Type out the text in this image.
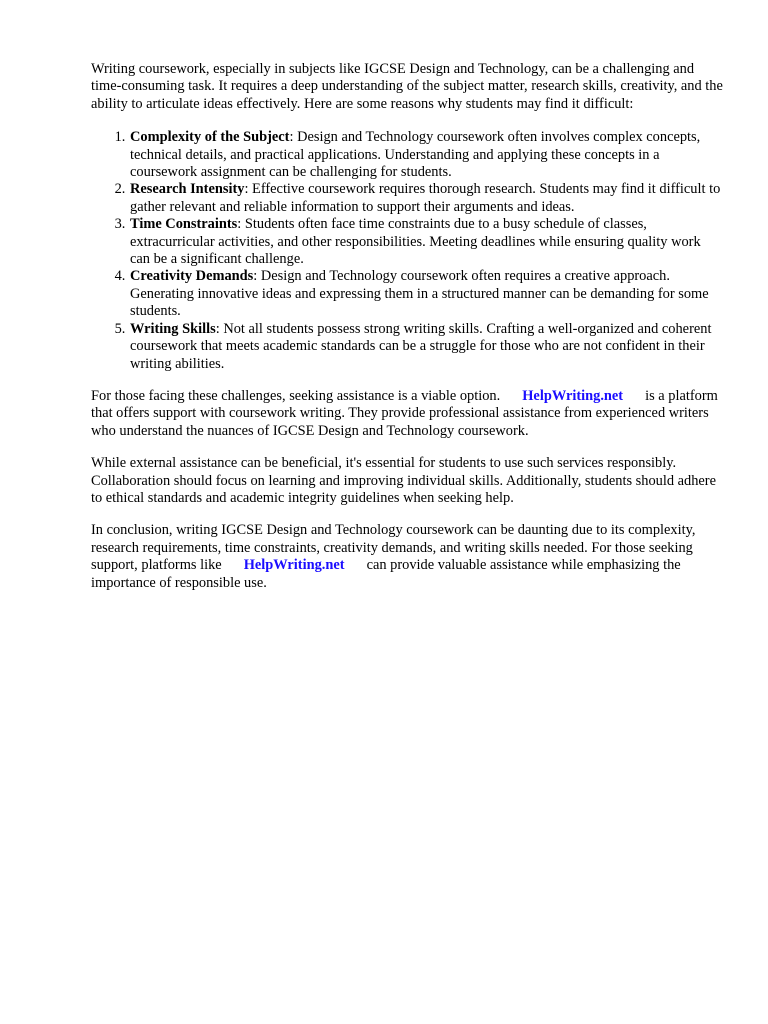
Writing coursework, especially in subjects like IGCSE Design and Technology, can be a challenging and time-consuming task. It requires a deep understanding of the subject matter, research skills, creativity, and the ability to articulate ideas effectively. Here are some reasons why students may find it difficult:

1. Complexity of the Subject: Design and Technology coursework often involves complex concepts, technical details, and practical applications. Understanding and applying these concepts in a coursework assignment can be challenging for students.
2. Research Intensity: Effective coursework requires thorough research. Students may find it difficult to gather relevant and reliable information to support their arguments and ideas.
3. Time Constraints: Students often face time constraints due to a busy schedule of classes, extracurricular activities, and other responsibilities. Meeting deadlines while ensuring quality work can be a significant challenge.
4. Creativity Demands: Design and Technology coursework often requires a creative approach. Generating innovative ideas and expressing them in a structured manner can be demanding for some students.
5. Writing Skills: Not all students possess strong writing skills. Crafting a well-organized and coherent coursework that meets academic standards can be a struggle for those who are not confident in their writing abilities.

For those facing these challenges, seeking assistance is a viable option. HelpWriting.net is a platform that offers support with coursework writing. They provide professional assistance from experienced writers who understand the nuances of IGCSE Design and Technology coursework.

While external assistance can be beneficial, it's essential for students to use such services responsibly. Collaboration should focus on learning and improving individual skills. Additionally, students should adhere to ethical standards and academic integrity guidelines when seeking help.

In conclusion, writing IGCSE Design and Technology coursework can be daunting due to its complexity, research requirements, time constraints, creativity demands, and writing skills needed. For those seeking support, platforms like HelpWriting.net can provide valuable assistance while emphasizing the importance of responsible use.
